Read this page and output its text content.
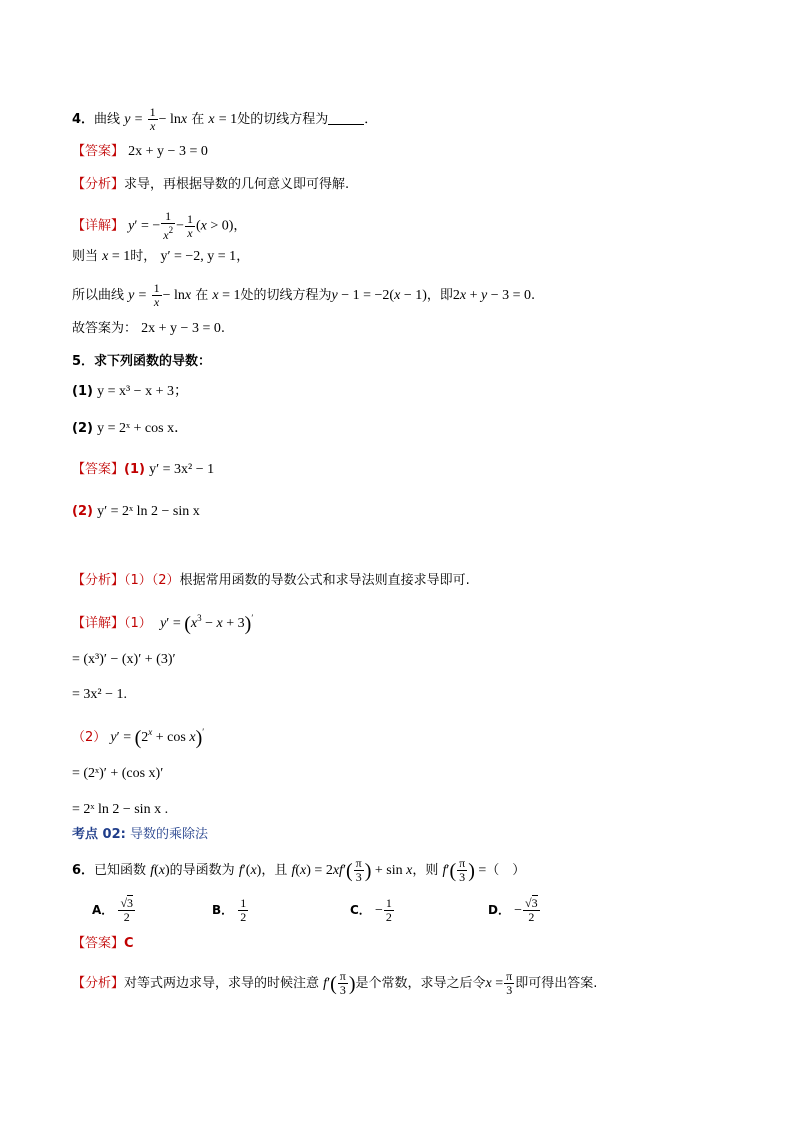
4．曲线 $y = \frac{1}{x} - \ln x$ 在 x = 1处的切线方程为	．
【答案】 2x + y − 3 = 0
【分析】求导，再根据导数的几何意义即可得解.
【详解】 y′ = − $\frac{1}{x^2} - \frac{1}{x} (x > 0)$，
则当 x = 1时， y′ = −2, y = 1，
所以曲线 $y = \frac{1}{x} - \ln x$ 在 x = 1处的切线方程为y − 1 = −2(x − 1)，即2x + y − 3 = 0.
故答案为： 2x + y − 3 = 0.
5．求下列函数的导数：
(1) y = x³ − x + 3；
(2) y = 2ˣ + cos x．
【答案】(1) y′ = 3x² − 1
(2) y′ = 2ˣ ln 2 − sin x
【分析】（1）（2）根据常用函数的导数公式和求导法则直接求导即可.
【详解】（1） $y' = (x^3 - x + 3)'$
= (x³)′ − (x)′ + (3)′
= 3x² − 1.
（2） $y' = (2^x + \cos x)'$
= (2ˣ)′ + (cos x)′
= 2ˣ ln 2 − sin x .
考点 02: 导数的乘除法
6．已知函数 f(x)的导函数为 f′(x)，且 $f(x) = 2xf'( \frac{\pi}{3}$ ) + sin x，则 $f'( \frac{\pi}{3}$ ) =（　）
A． $\frac{√3}{2}$	B． $\frac{1}{2}$	C． − $\frac{1}{2}$	D． − $\frac{√3}{2}$
【答案】C
【分析】对等式两边求导，求导的时候注意 $f'( \frac{\pi}{3}$ )是个常数，求导之后令$x = \frac{\pi}{3}$ 即可得出答案.
